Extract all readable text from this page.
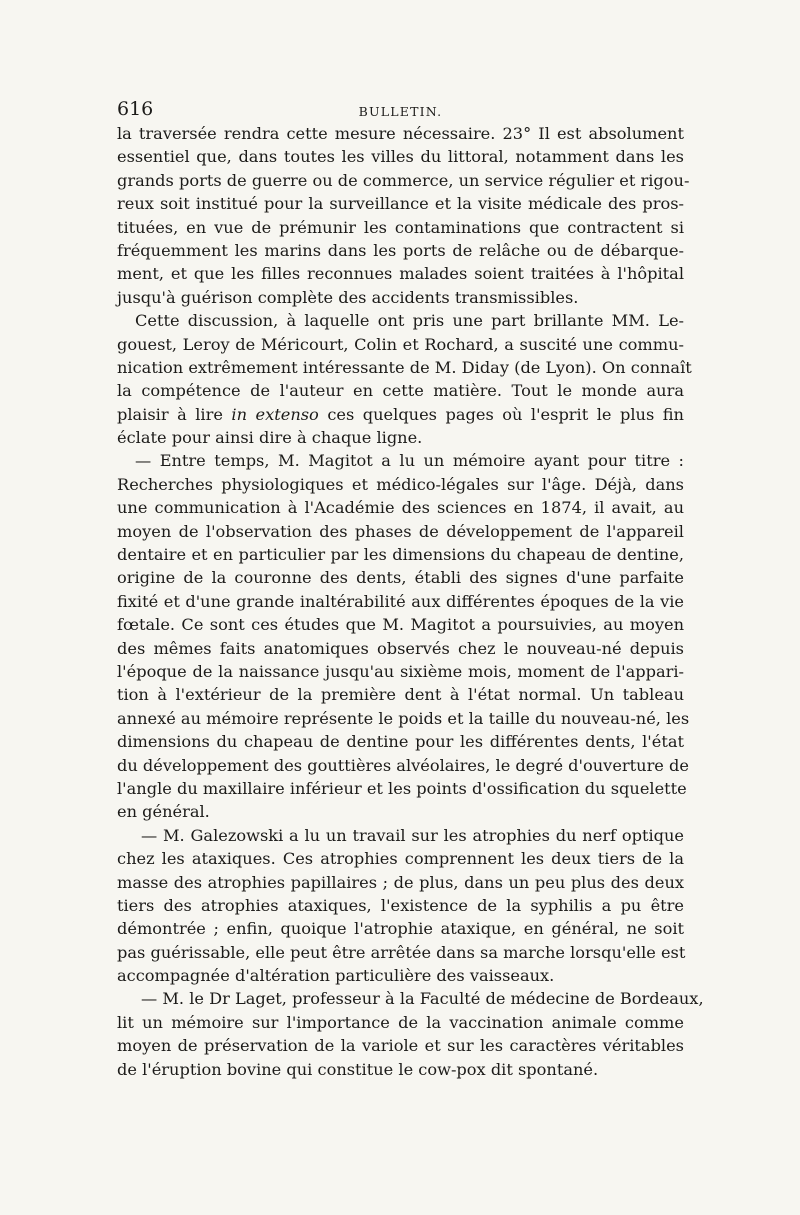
616	BULLETIN.
la traversée rendra cette mesure nécessaire. 23° Il est absolument
essentiel que, dans toutes les villes du littoral, notamment dans les
grands ports de guerre ou de commerce, un service régulier et rigou-
reux soit institué pour la surveillance et la visite médicale des pros-
tituées, en vue de prémunir les contaminations que contractent si
fréquemment les marins dans les ports de relâche ou de débarque-
ment, et que les filles reconnues malades soient traitées à l'hôpital
jusqu'à guérison complète des accidents transmissibles.
Cette discussion, à laquelle ont pris une part brillante MM. Le-
gouest, Leroy de Méricourt, Colin et Rochard, a suscité une commu-
nication extrêmement intéressante de M. Diday (de Lyon). On connaît
la compétence de l'auteur en cette matière. Tout le monde aura
plaisir à lire in extenso ces quelques pages où l'esprit le plus fin
éclate pour ainsi dire à chaque ligne.
— Entre temps, M. Magitot a lu un mémoire ayant pour titre :
Recherches physiologiques et médico-légales sur l'âge. Déjà, dans
une communication à l'Académie des sciences en 1874, il avait, au
moyen de l'observation des phases de développement de l'appareil
dentaire et en particulier par les dimensions du chapeau de dentine,
origine de la couronne des dents, établi des signes d'une parfaite
fixité et d'une grande inaltérabilité aux différentes époques de la vie
fœtale. Ce sont ces études que M. Magitot a poursuivies, au moyen
des mêmes faits anatomiques observés chez le nouveau-né depuis
l'époque de la naissance jusqu'au sixième mois, moment de l'appari-
tion à l'extérieur de la première dent à l'état normal. Un tableau
annexé au mémoire représente le poids et la taille du nouveau-né, les
dimensions du chapeau de dentine pour les différentes dents, l'état
du développement des gouttières alvéolaires, le degré d'ouverture de
l'angle du maxillaire inférieur et les points d'ossification du squelette
en général.
— M. Galezowski a lu un travail sur les atrophies du nerf optique
chez les ataxiques. Ces atrophies comprennent les deux tiers de la
masse des atrophies papillaires ; de plus, dans un peu plus des deux
tiers des atrophies ataxiques, l'existence de la syphilis a pu être
démontrée ; enfin, quoique l'atrophie ataxique, en général, ne soit
pas guérissable, elle peut être arrêtée dans sa marche lorsqu'elle est
accompagnée d'altération particulière des vaisseaux.
— M. le Dr Laget, professeur à la Faculté de médecine de Bordeaux,
lit un mémoire sur l'importance de la vaccination animale comme
moyen de préservation de la variole et sur les caractères véritables
de l'éruption bovine qui constitue le cow-pox dit spontané.
